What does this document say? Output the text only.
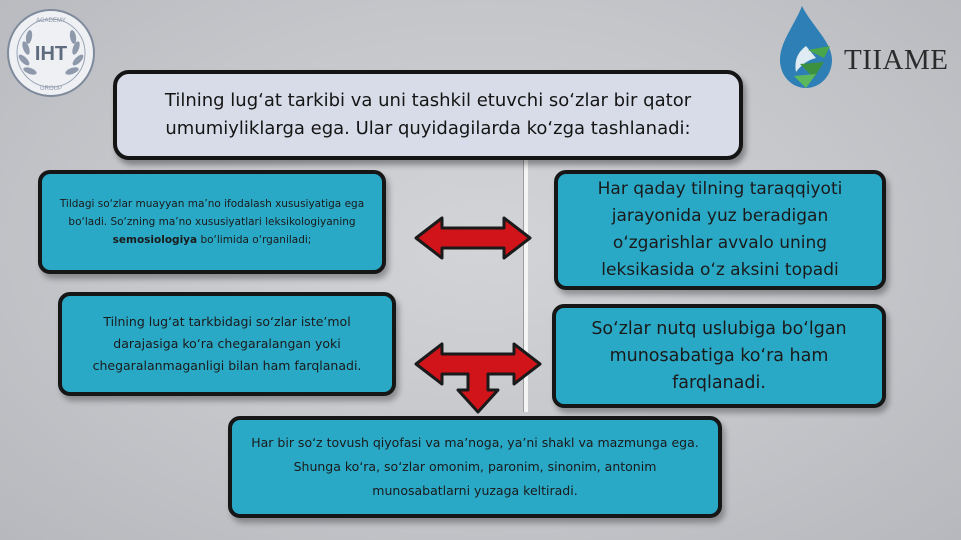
IHT
ACADEMY
GROUP
TIIAME
Tilning lug‘at tarkibi va uni tashkil etuvchi so‘zlar bir qator
umumiyliklarga ega. Ular quyidagilarda ko‘zga tashlanadi:
Tildagi so‘zlar muayyan ma’no ifodalash xususiyatiga ega bo‘ladi. So‘zning ma’no xususiyatlari leksikologiyaning semosiologiya bo‘limida o‘rganiladi;
Har qaday tilning taraqqiyoti jarayonida yuz beradigan o‘zgarishlar avvalo uning leksikasida o‘z aksini topadi
Tilning lug‘at tarkbidagi so‘zlar iste’mol darajasiga ko‘ra chegaralangan yoki chegaralanmaganligi bilan ham farqlanadi.
So‘zlar nutq uslubiga bo‘lgan munosabatiga ko‘ra ham farqlanadi.
Har bir so‘z tovush qiyofasi va ma’noga, ya’ni shakl va mazmunga ega. Shunga ko‘ra, so‘zlar omonim, paronim, sinonim, antonim munosabatlarni yuzaga keltiradi.
